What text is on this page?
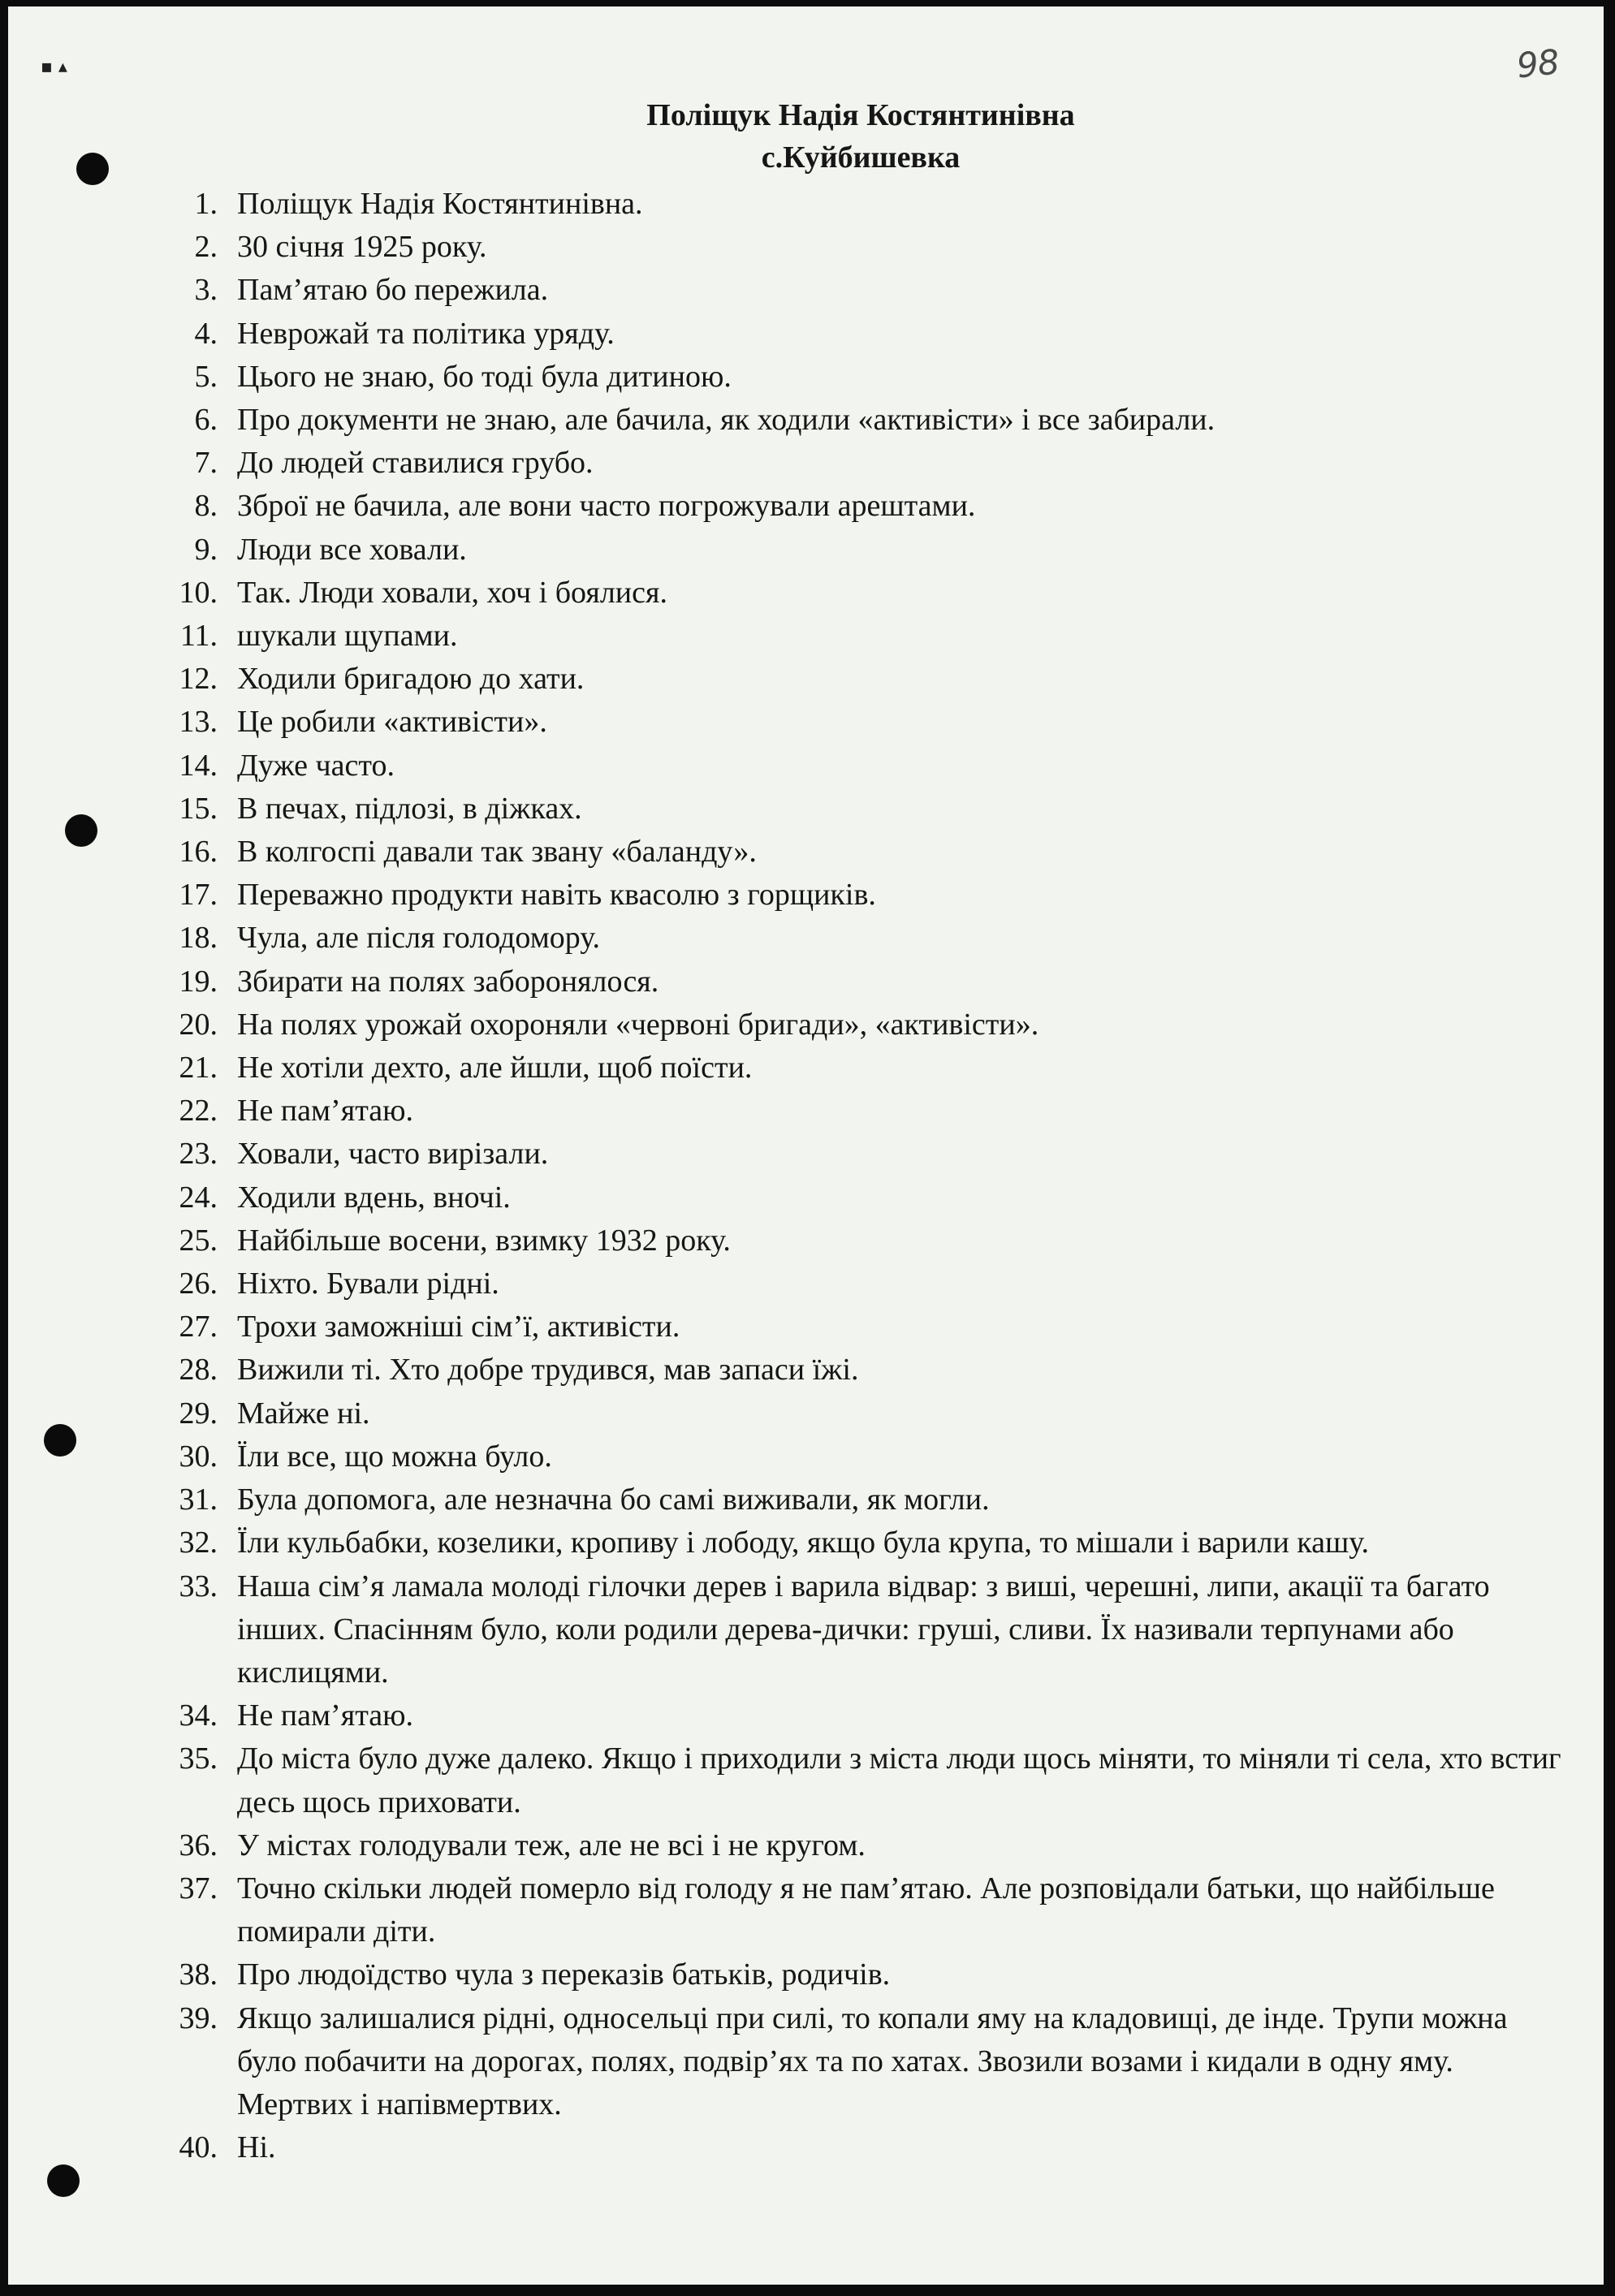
98
▪ ▴
Поліщук Надія Костянтинівна
с.Куйбишевка
1. Поліщук Надія Костянтинівна.
2. 30 січня 1925 року.
3. Пам’ятаю бо пережила.
4. Неврожай та політика уряду.
5. Цього не знаю, бо тоді була дитиною.
6. Про документи не знаю, але бачила, як ходили «активісти» і все забирали.
7. До людей ставилися грубо.
8. Зброї не бачила, але вони часто погрожували арештами.
9. Люди все ховали.
10. Так. Люди ховали, хоч і боялися.
11. шукали щупами.
12. Ходили бригадою до хати.
13. Це робили «активісти».
14. Дуже часто.
15. В печах, підлозі, в діжках.
16. В колгоспі давали так звану «баланду».
17. Переважно продукти навіть квасолю з горщиків.
18. Чула, але після голодомору.
19. Збирати на полях заборонялося.
20. На полях урожай охороняли «червоні бригади», «активісти».
21. Не хотіли дехто, але йшли, щоб поїсти.
22. Не пам’ятаю.
23. Ховали, часто вирізали.
24. Ходили вдень, вночі.
25. Найбільше восени, взимку 1932 року.
26. Ніхто. Бували рідні.
27. Трохи заможніші сім’ї, активісти.
28. Вижили ті. Хто добре трудився, мав запаси їжі.
29. Майже ні.
30. Їли все, що можна було.
31. Була допомога, але незначна бо самі виживали, як могли.
32. Їли кульбабки, козелики, кропиву і лободу, якщо була крупа, то мішали і варили кашу.
33. Наша сім’я ламала молоді гілочки дерев і варила відвар: з виші, черешні, липи, акації та багато інших. Спасінням було, коли родили дерева-дички: груші, сливи. Їх називали терпунами або кислицями.
34. Не пам’ятаю.
35. До міста було дуже далеко. Якщо і приходили з міста люди щось міняти, то міняли ті села, хто встиг десь щось приховати.
36. У містах голодували теж, але не всі і не кругом.
37. Точно скільки людей померло від голоду я не пам’ятаю. Але розповідали батьки, що найбільше помирали діти.
38. Про людоїдство чула з переказів батьків, родичів.
39. Якщо залишалися рідні, односельці при силі, то копали яму на кладовищі, де інде. Трупи можна було побачити на дорогах, полях, подвір’ях та по хатах. Звозили возами і кидали в одну яму. Мертвих і напівмертвих.
40. Ні.
